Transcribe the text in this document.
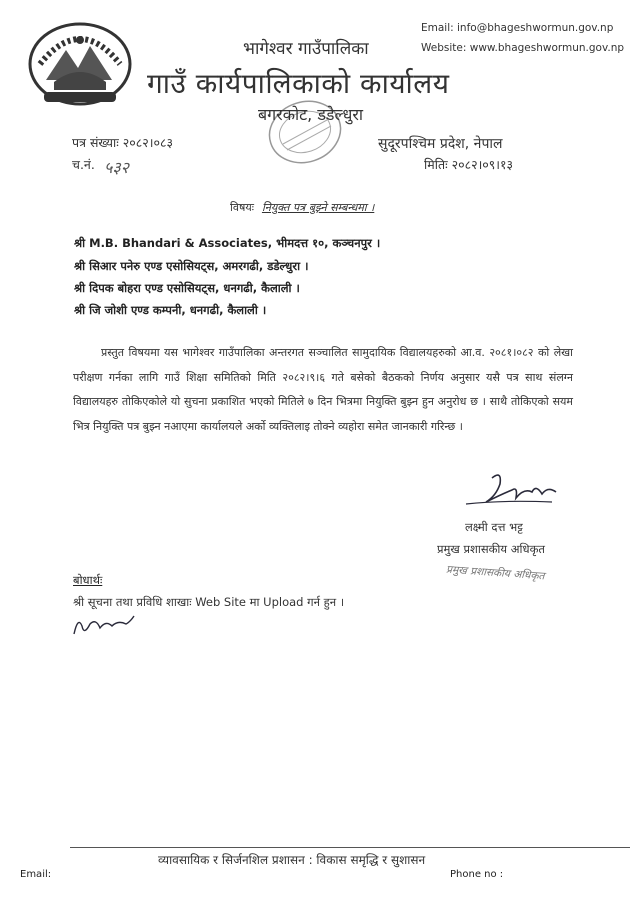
Email: info@bhageshwormun.gov.np
Website: www.bhageshwormun.gov.np
भागेश्वर गाउँपालिका
गाउँ कार्यपालिकाको कार्यालय
बगरकोट, डडेल्धुरा
पत्र संख्याः २०८२।०८३
च.नं. ५३२
सुदूरपश्चिम प्रदेश, नेपाल
मितिः २०८२।०९।१३
विषयः नियुक्त पत्र बुझ्ने सम्बन्धमा ।
श्री M.B. Bhandari & Associates, भीमदत्त १०, कञ्चनपुर ।
श्री सिआर पनेरु एण्ड एसोसियट्स, अमरगढी, डडेल्धुरा ।
श्री दिपक बोहरा एण्ड एसोसियट्स, धनगढी, कैलाली ।
श्री जि जोशी एण्ड कम्पनी, धनगढी, कैलाली ।

प्रस्तुत विषयमा यस भागेश्वर गाउँपालिका अन्तरगत सञ्चालित सामुदायिक विद्यालयहरुको आ.व. २०८१।०८२ को लेखा परीक्षण गर्नका लागि गाउँ शिक्षा समितिको मिति २०८२।९।६ गते बसेको बैठकको निर्णय अनुसार यसै पत्र साथ संलग्न विद्यालयहरु तोकिएकोले यो सुचना प्रकाशित भएको मितिले ७ दिन भित्रमा नियुक्ति बुझ्न हुन अनुरोध छ । साथै तोकिएको सयम भित्र नियुक्ति पत्र बुझ्न नआएमा कार्यालयले अर्को व्यक्तिलाइ तोक्ने व्यहोरा समेत जानकारी गरिन्छ ।

लक्ष्मी दत्त भट्ट
प्रमुख प्रशासकीय अधिकृत
प्रमुख प्रशासकीय अधिकृत
बोधार्थः
श्री सूचना तथा प्रविधि शाखाः Web Site मा Upload गर्न हुन ।
व्यावसायिक र सिर्जनशिल प्रशासन : विकास समृद्धि र सुशासन
Email:	Phone no :
